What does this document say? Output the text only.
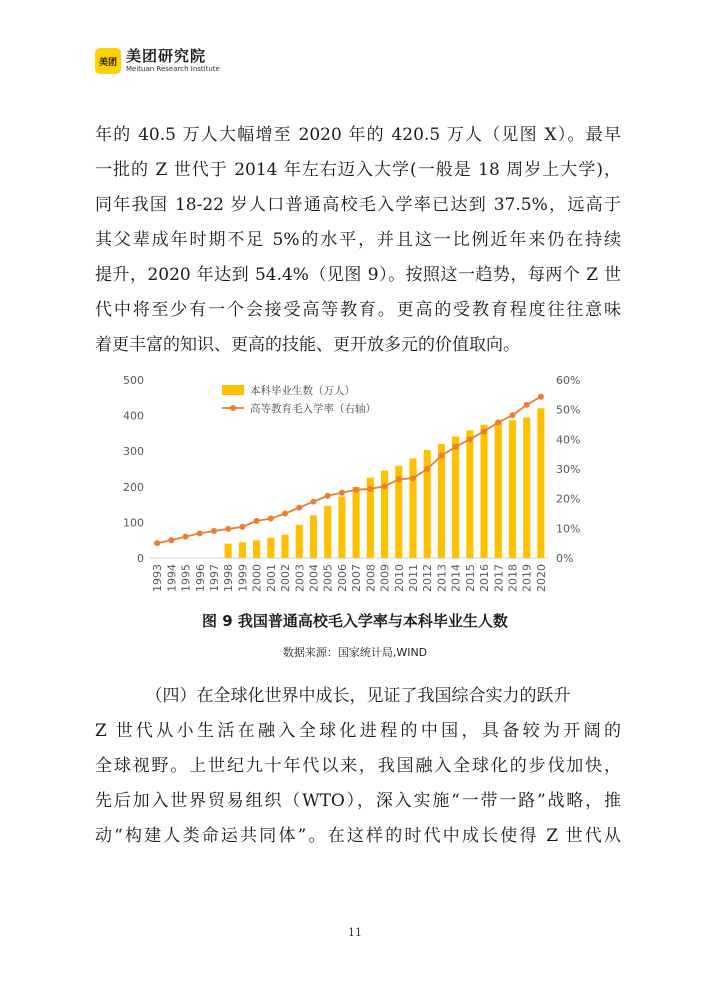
美团 美团研究院
Meituan Research Institute
年的 40.5 万人大幅增至 2020 年的 420.5 万人（见图 X）。最早
一批的 Z 世代于 2014 年左右迈入大学(一般是 18 周岁上大学)，
同年我国 18-22 岁人口普通高校毛入学率已达到 37.5%，远高于
其父辈成年时期不足 5%的水平，并且这一比例近年来仍在持续
提升，2020 年达到 54.4%（见图 9）。按照这一趋势，每两个 Z 世
代中将至少有一个会接受高等教育。更高的受教育程度往往意味
着更丰富的知识、更高的技能、更开放多元的价值取向。
0
100
200
300
400
500
0%
10%
20%
30%
40%
50%
60%
1993 1994 1995 1996 1997 1998 1999 2000 2001 2002 2003 2004 2005 2006 2007 2008 2009 2010 2011 2012 2013 2014 2015 2016 2017 2018 2019 2020
本科毕业生数（万人）
高等教育毛入学率（右轴）
图 9 我国普通高校毛入学率与本科毕业生人数
数据来源：国家统计局,WIND
（四）在全球化世界中成长，见证了我国综合实力的跃升
Z 世代从小生活在融入全球化进程的中国，具备较为开阔的
全球视野。上世纪九十年代以来，我国融入全球化的步伐加快，
先后加入世界贸易组织（WTO），深入实施“一带一路”战略，推
动“构建人类命运共同体”。在这样的时代中成长使得 Z 世代从
11
